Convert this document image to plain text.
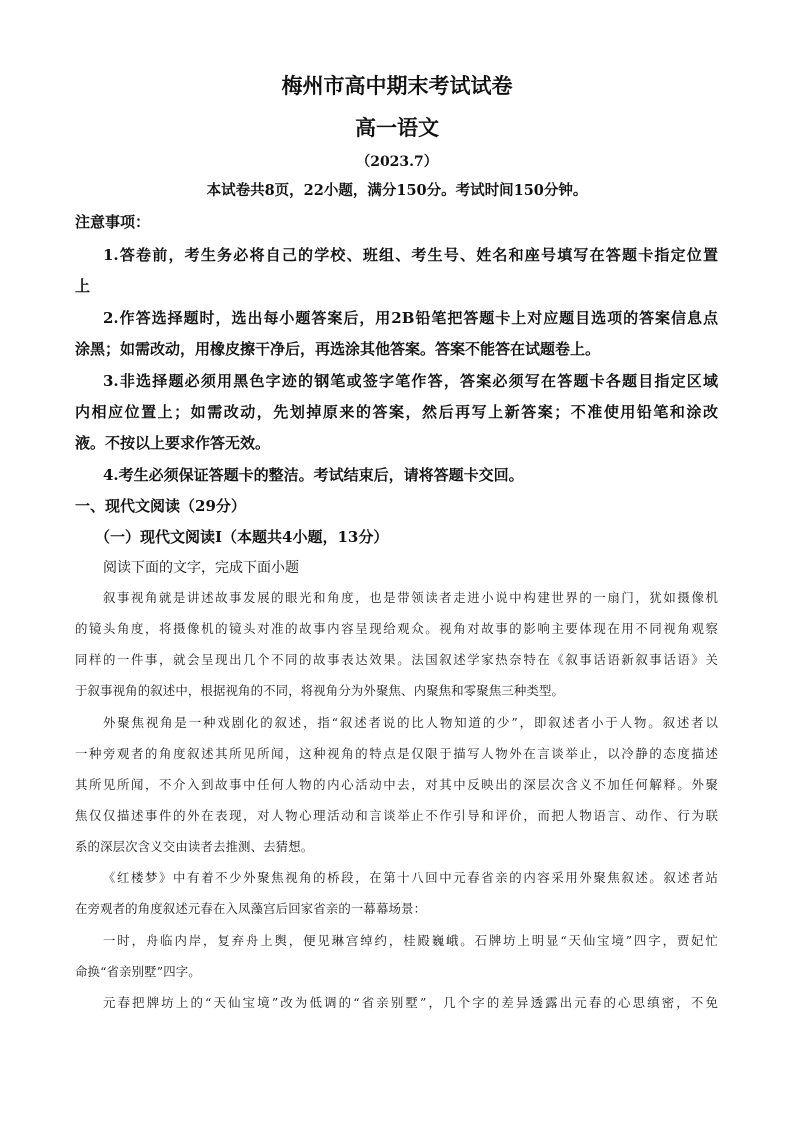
梅州市高中期末考试试卷
高一语文
（2023.7）
本试卷共8页，22小题，满分150分。考试时间150分钟。
注意事项：
1.答卷前，考生务必将自己的学校、班组、考生号、姓名和座号填写在答题卡指定位置
上
2.作答选择题时，选出每小题答案后，用2B铅笔把答题卡上对应题目选项的答案信息点
涂黑；如需改动，用橡皮擦干净后，再选涂其他答案。答案不能答在试题卷上。
3.非选择题必须用黑色字迹的钢笔或签字笔作答，答案必须写在答题卡各题目指定区域
内相应位置上；如需改动，先划掉原来的答案，然后再写上新答案；不准使用铅笔和涂改
液。不按以上要求作答无效。
4.考生必须保证答题卡的整洁。考试结束后，请将答题卡交回。
一、现代文阅读（29分）
（一）现代文阅读Ⅰ（本题共4小题，13分）
阅读下面的文字，完成下面小题
叙事视角就是讲述故事发展的眼光和角度，也是带领读者走进小说中构建世界的一扇门，犹如摄像机
的镜头角度，将摄像机的镜头对准的故事内容呈现给观众。视角对故事的影响主要体现在用不同视角观察
同样的一件事，就会呈现出几个不同的故事表达效果。法国叙述学家热奈特在《叙事话语新叙事话语》关
于叙事视角的叙述中，根据视角的不同，将视角分为外聚焦、内聚焦和零聚焦三种类型。
外聚焦视角是一种戏剧化的叙述，指“叙述者说的比人物知道的少”，即叙述者小于人物。叙述者以
一种旁观者的角度叙述其所见所闻，这种视角的特点是仅限于描写人物外在言谈举止，以冷静的态度描述
其所见所闻，不介入到故事中任何人物的内心活动中去，对其中反映出的深层次含义不加任何解释。外聚
焦仅仅描述事件的外在表现，对人物心理活动和言谈举止不作引导和评价，而把人物语言、动作、行为联
系的深层次含义交由读者去推测、去猜想。
《红楼梦》中有着不少外聚焦视角的桥段，在第十八回中元春省亲的内容采用外聚焦叙述。叙述者站
在旁观者的角度叙述元春在入凤藻宫后回家省亲的一幕幕场景：
一时，舟临内岸，复弃舟上舆，便见琳宫绰约，桂殿巍峨。石牌坊上明显“天仙宝境”四字，贾妃忙
命换“省亲别墅”四字。
元春把牌坊上的“天仙宝境”改为低调的“省亲别墅”，几个字的差异透露出元春的心思缜密，不免
